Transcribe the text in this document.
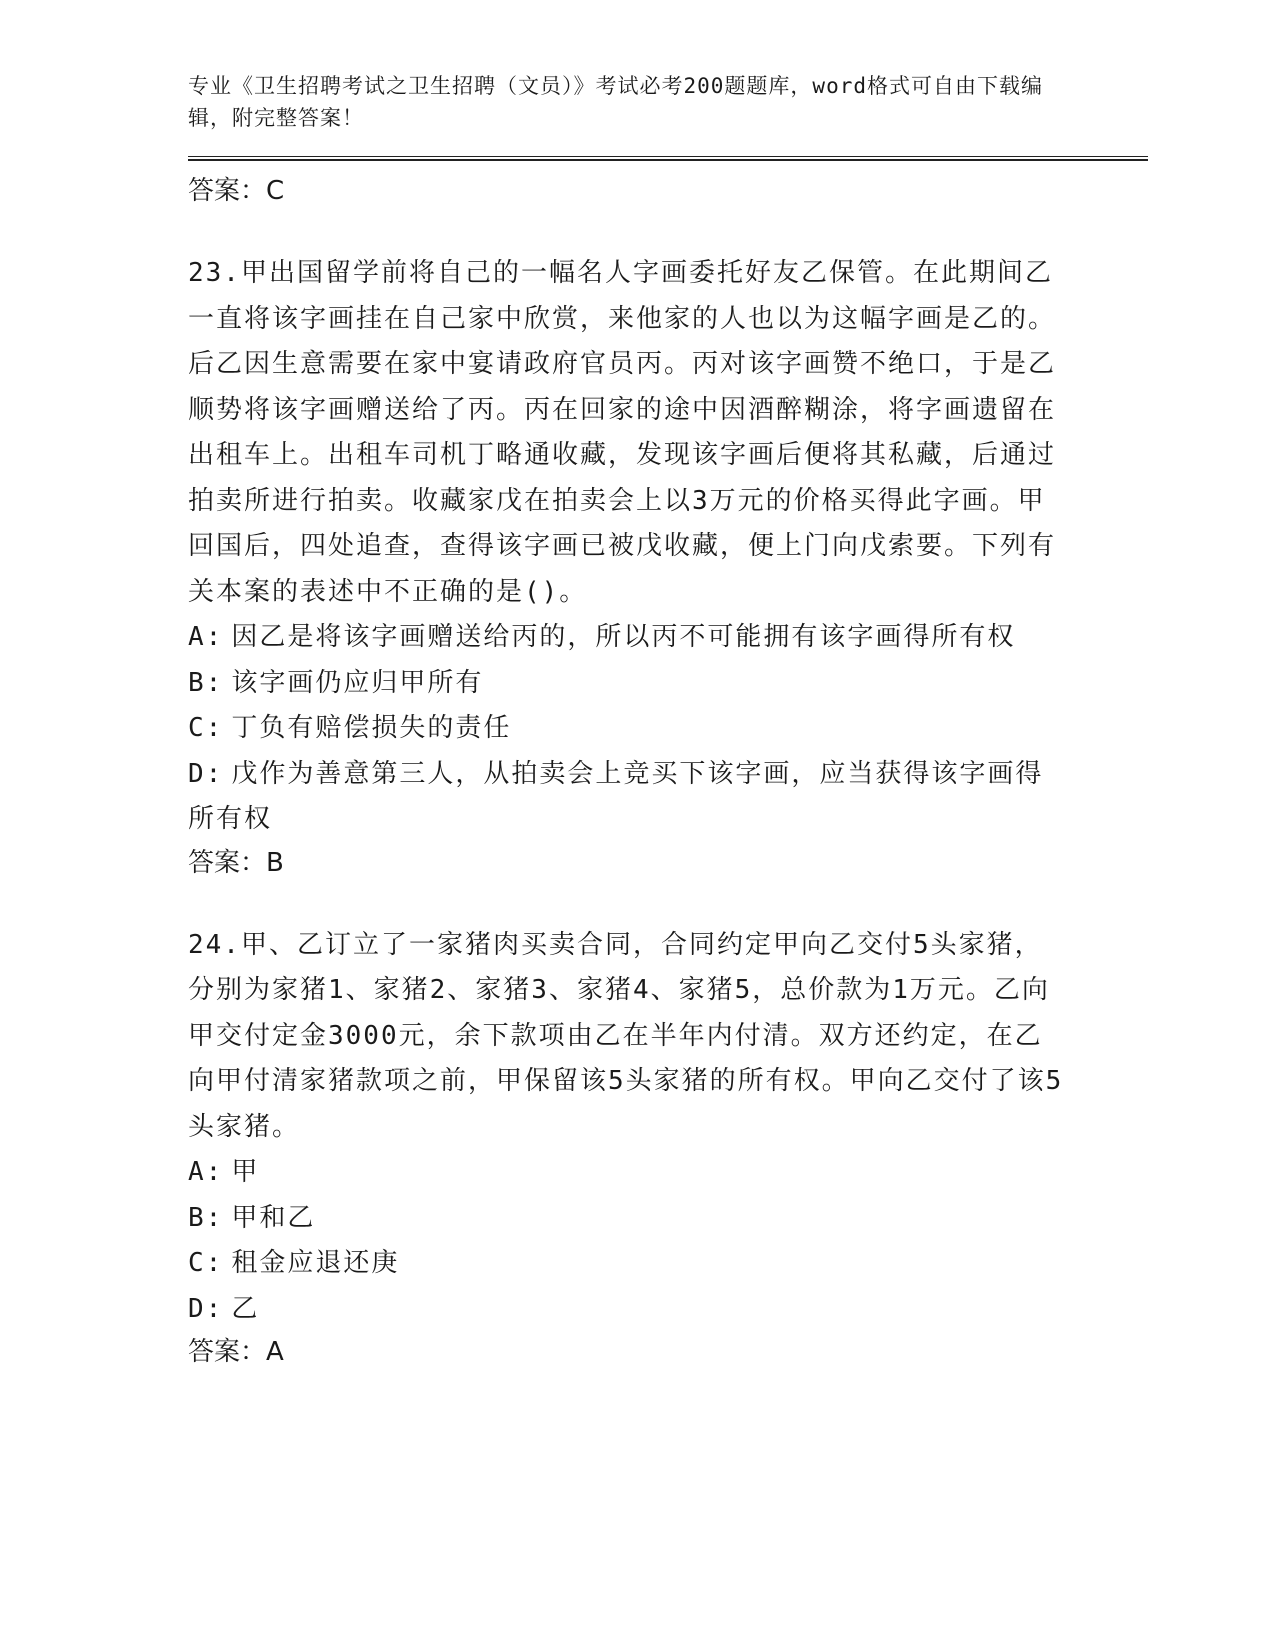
专业《卫生招聘考试之卫生招聘（文员）》考试必考200题题库，word格式可自由下载编辑，附完整答案！

答案：C

23.甲出国留学前将自己的一幅名人字画委托好友乙保管。在此期间乙一直将该字画挂在自己家中欣赏，来他家的人也以为这幅字画是乙的。后乙因生意需要在家中宴请政府官员丙。丙对该字画赞不绝口，于是乙顺势将该字画赠送给了丙。丙在回家的途中因酒醉糊涂，将字画遗留在出租车上。出租车司机丁略通收藏，发现该字画后便将其私藏，后通过拍卖所进行拍卖。收藏家戊在拍卖会上以3万元的价格买得此字画。甲回国后，四处追查，查得该字画已被戊收藏，便上门向戊索要。下列有关本案的表述中不正确的是()。

A: 因乙是将该字画赠送给丙的，所以丙不可能拥有该字画得所有权
B: 该字画仍应归甲所有
C: 丁负有赔偿损失的责任
D: 戊作为善意第三人，从拍卖会上竞买下该字画，应当获得该字画得所有权

答案：B

24.甲、乙订立了一家猪肉买卖合同，合同约定甲向乙交付5头家猪，分别为家猪1、家猪2、家猪3、家猪4、家猪5，总价款为1万元。乙向甲交付定金3000元，余下款项由乙在半年内付清。双方还约定，在乙向甲付清家猪款项之前，甲保留该5头家猪的所有权。甲向乙交付了该5头家猪。

A: 甲
B: 甲和乙
C: 租金应退还庚
D: 乙

答案：A
